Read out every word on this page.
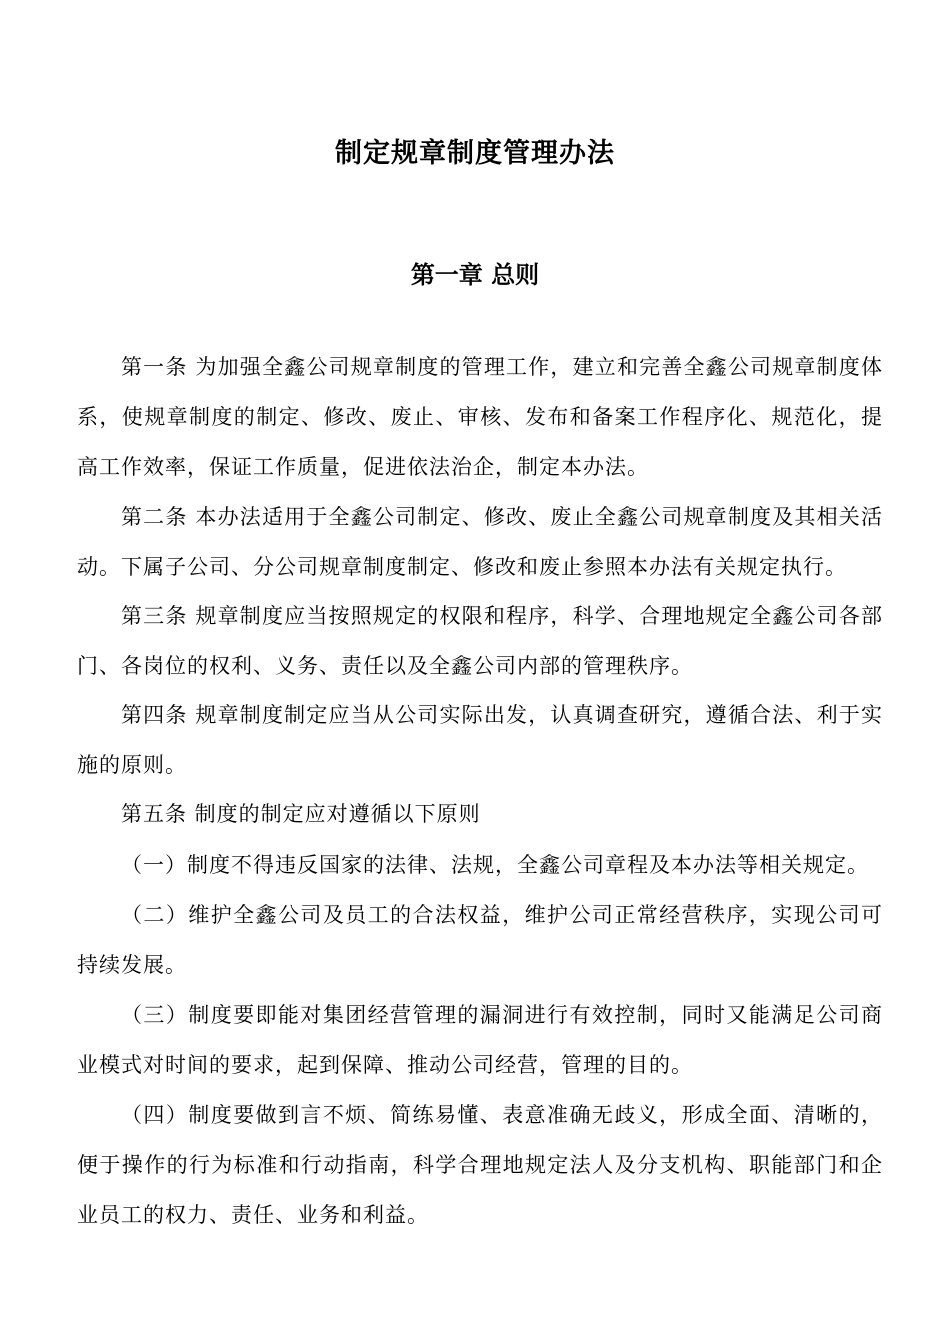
制定规章制度管理办法
第一章 总则

第一条 为加强全鑫公司规章制度的管理工作，建立和完善全鑫公司规章制度体系，使规章制度的制定、修改、废止、审核、发布和备案工作程序化、规范化，提高工作效率，保证工作质量，促进依法治企，制定本办法。

第二条 本办法适用于全鑫公司制定、修改、废止全鑫公司规章制度及其相关活动。下属子公司、分公司规章制度制定、修改和废止参照本办法有关规定执行。

第三条 规章制度应当按照规定的权限和程序，科学、合理地规定全鑫公司各部门、各岗位的权利、义务、责任以及全鑫公司内部的管理秩序。

第四条 规章制度制定应当从公司实际出发，认真调查研究，遵循合法、利于实施的原则。

第五条 制度的制定应对遵循以下原则

（一）制度不得违反国家的法律、法规，全鑫公司章程及本办法等相关规定。

（二）维护全鑫公司及员工的合法权益，维护公司正常经营秩序，实现公司可持续发展。

（三）制度要即能对集团经营管理的漏洞进行有效控制，同时又能满足公司商业模式对时间的要求，起到保障、推动公司经营，管理的目的。

（四）制度要做到言不烦、简练易懂、表意准确无歧义，形成全面、清晰的，便于操作的行为标准和行动指南，科学合理地规定法人及分支机构、职能部门和企业员工的权力、责任、业务和利益。
